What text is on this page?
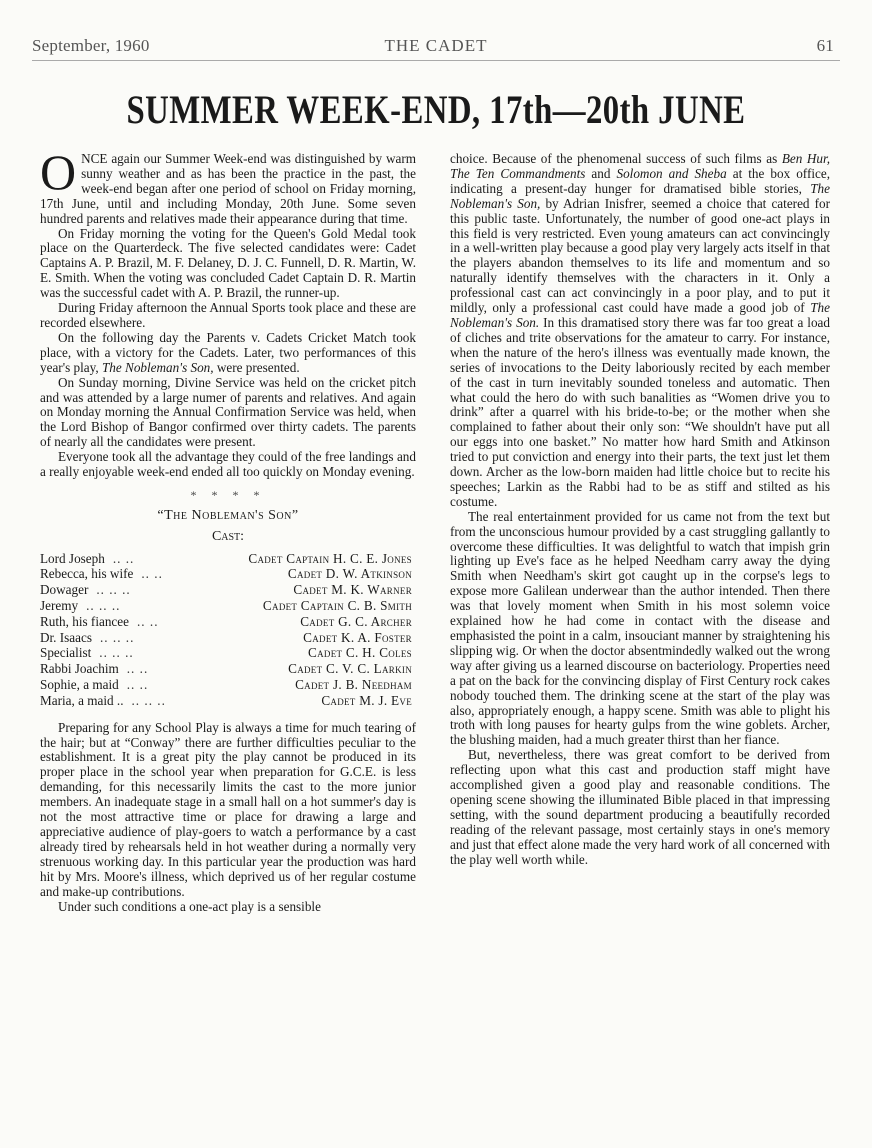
THE CADET
September, 1960	61
SUMMER WEEK-END, 17th—20th JUNE

ONCE again our Summer Week-end was distinguished by warm sunny weather and as has been the practice in the past, the week-end began after one period of school on Friday morning, 17th June, until and including Monday, 20th June. Some seven hundred parents and relatives made their appearance during that time.

On Friday morning the voting for the Queen's Gold Medal took place on the Quarterdeck. The five selected candidates were: Cadet Captains A. P. Brazil, M. F. Delaney, D. J. C. Funnell, D. R. Martin, W. E. Smith. When the voting was concluded Cadet Captain D. R. Martin was the successful cadet with A. P. Brazil, the runner-up.

During Friday afternoon the Annual Sports took place and these are recorded elsewhere.

On the following day the Parents v. Cadets Cricket Match took place, with a victory for the Cadets. Later, two performances of this year's play, The Nobleman's Son, were presented.

On Sunday morning, Divine Service was held on the cricket pitch and was attended by a large numer of parents and relatives. And again on Monday morning the Annual Confirmation Service was held, when the Lord Bishop of Bangor confirmed over thirty cadets. The parents of nearly all the candidates were present.

Everyone took all the advantage they could of the free landings and a really enjoyable week-end ended all too quickly on Monday evening.

* * * *
“The Nobleman's Son”
Cast:
Lord Joseph .. ..	Cadet Captain H. C. E. Jones
Rebecca, his wife .. ..	Cadet D. W. Atkinson
Dowager .. .. ..	Cadet M. K. Warner
Jeremy .. .. ..	Cadet Captain C. B. Smith
Ruth, his fiancee .. ..	Cadet G. C. Archer
Dr. Isaacs .. .. ..	Cadet K. A. Foster
Specialist .. .. ..	Cadet C. H. Coles
Rabbi Joachim .. ..	Cadet C. V. C. Larkin
Sophie, a maid .. ..	Cadet J. B. Needham
Maria, a maid .. .. .. ..	Cadet M. J. Eve

Preparing for any School Play is always a time for much tearing of the hair; but at “Conway” there are further difficulties peculiar to the establishment. It is a great pity the play cannot be produced in its proper place in the school year when preparation for G.C.E. is less demanding, for this necessarily limits the cast to the more junior members. An inadequate stage in a small hall on a hot summer's day is not the most attractive time or place for drawing a large and appreciative audience of play-goers to watch a performance by a cast already tired by rehearsals held in hot weather during a normally very strenuous working day. In this particular year the production was hard hit by Mrs. Moore's illness, which deprived us of her regular costume and make-up contributions.

Under such conditions a one-act play is a sensible

choice. Because of the phenomenal success of such films as Ben Hur, The Ten Commandments and Solomon and Sheba at the box office, indicating a present-day hunger for dramatised bible stories, The Nobleman's Son, by Adrian Inisfrer, seemed a choice that catered for this public taste. Unfortunately, the number of good one-act plays in this field is very restricted. Even young amateurs can act convincingly in a well-written play because a good play very largely acts itself in that the players abandon themselves to its life and momentum and so naturally identify themselves with the characters in it. Only a professional cast can act convincingly in a poor play, and to put it mildly, only a professional cast could have made a good job of The Nobleman's Son. In this dramatised story there was far too great a load of cliches and trite observations for the amateur to carry. For instance, when the nature of the hero's illness was eventually made known, the series of invocations to the Deity laboriously recited by each member of the cast in turn inevitably sounded toneless and automatic. Then what could the hero do with such banalities as “Women drive you to drink” after a quarrel with his bride-to-be; or the mother when she complained to father about their only son: “We shouldn't have put all our eggs into one basket.” No matter how hard Smith and Atkinson tried to put conviction and energy into their parts, the text just let them down. Archer as the low-born maiden had little choice but to recite his speeches; Larkin as the Rabbi had to be as stiff and stilted as his costume.

The real entertainment provided for us came not from the text but from the unconscious humour provided by a cast struggling gallantly to overcome these difficulties. It was delightful to watch that impish grin lighting up Eve's face as he helped Needham carry away the dying Smith when Needham's skirt got caught up in the corpse's legs to expose more Galilean underwear than the author intended. Then there was that lovely moment when Smith in his most solemn voice explained how he had come in contact with the disease and emphasisted the point in a calm, insouciant manner by straightening his slipping wig. Or when the doctor absentmindedly walked out the wrong way after giving us a learned discourse on bacteriology. Properties need a pat on the back for the convincing display of First Century rock cakes nobody touched them. The drinking scene at the start of the play was also, appropriately enough, a happy scene. Smith was able to plight his troth with long pauses for hearty gulps from the wine goblets. Archer, the blushing maiden, had a much greater thirst than her fiance.

But, nevertheless, there was great comfort to be derived from reflecting upon what this cast and production staff might have accomplished given a good play and reasonable conditions. The opening scene showing the illuminated Bible placed in that impressing setting, with the sound department producing a beautifully recorded reading of the relevant passage, most certainly stays in one's memory and just that effect alone made the very hard work of all concerned with the play well worth while.
